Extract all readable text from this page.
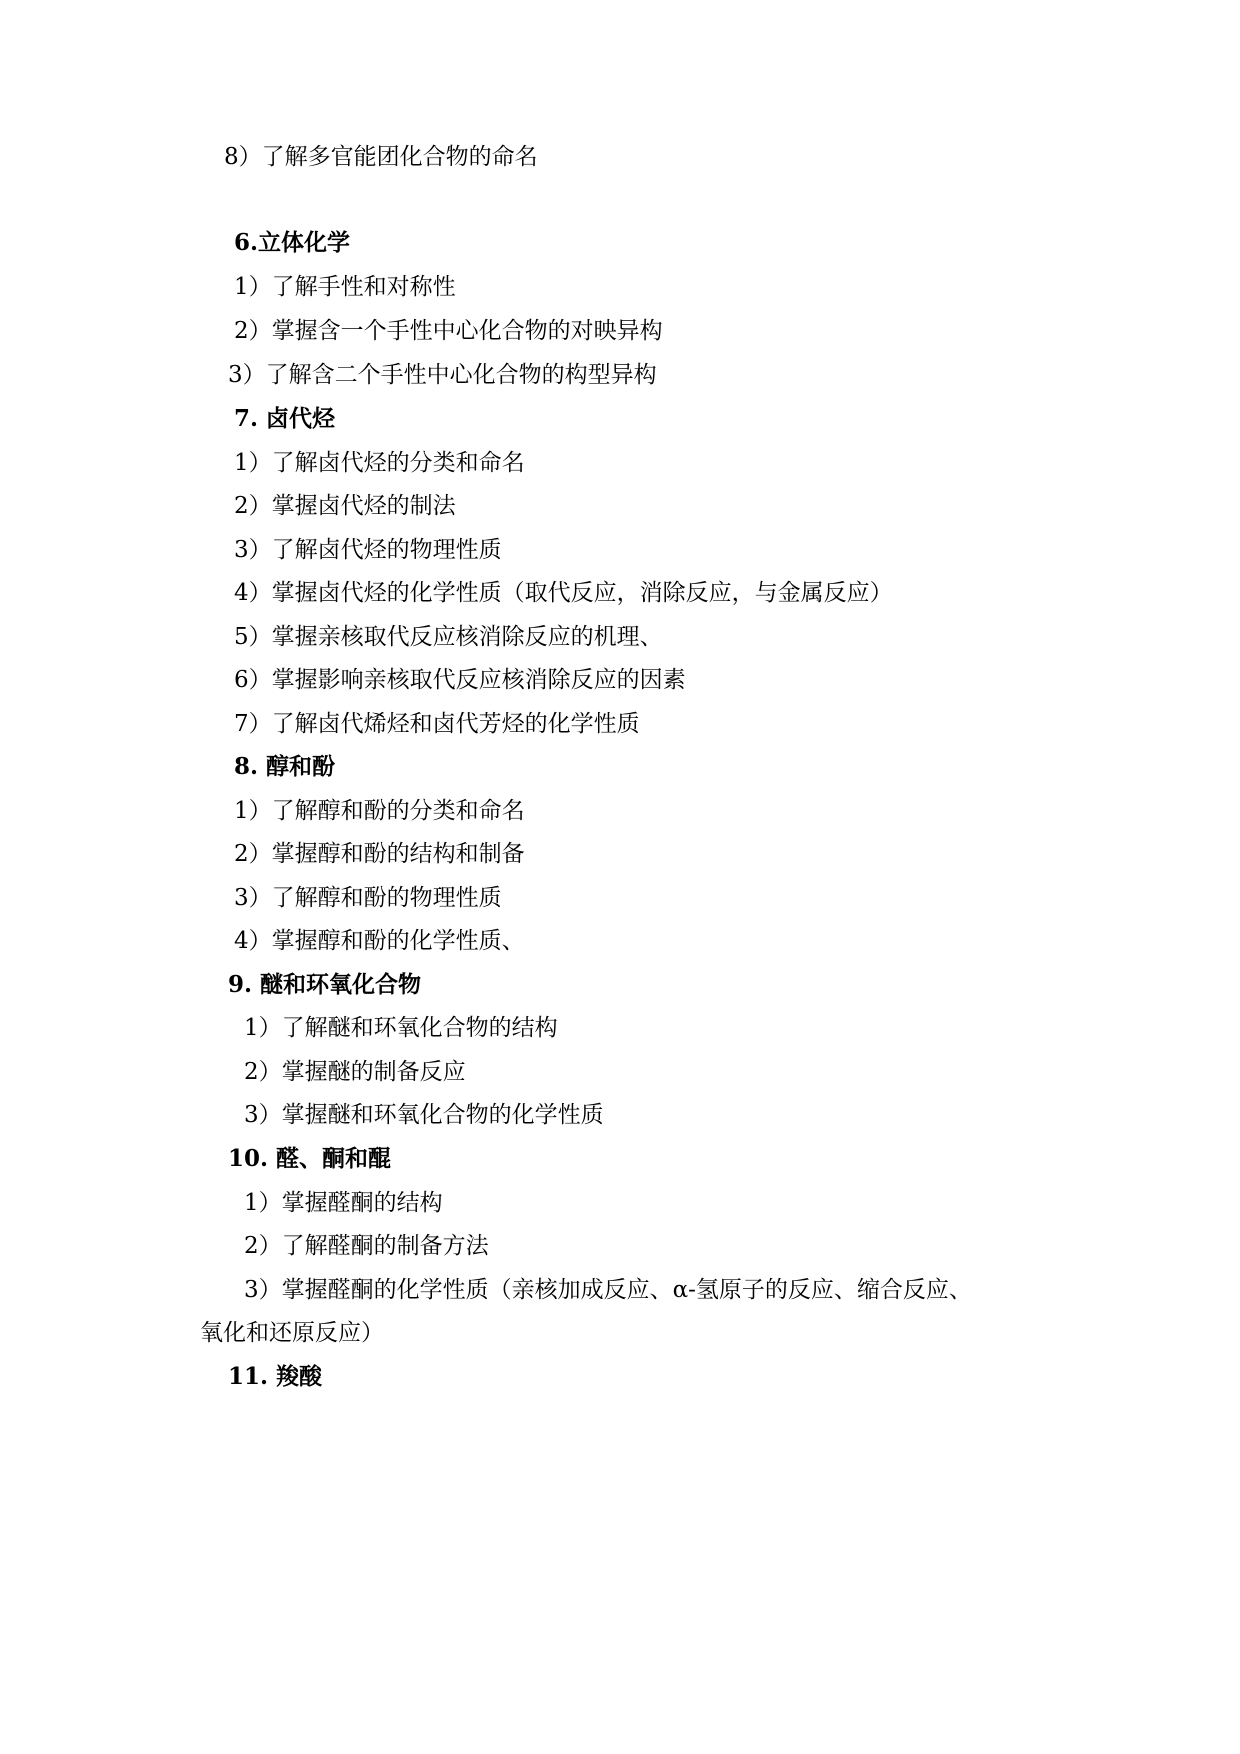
8）了解多官能团化合物的命名

6.立体化学

1）了解手性和对称性

2）掌握含一个手性中心化合物的对映异构

3）了解含二个手性中心化合物的构型异构

7. 卤代烃

1）了解卤代烃的分类和命名

2）掌握卤代烃的制法

3）了解卤代烃的物理性质

4）掌握卤代烃的化学性质（取代反应，消除反应，与金属反应）

5）掌握亲核取代反应核消除反应的机理、

6）掌握影响亲核取代反应核消除反应的因素

7）了解卤代烯烃和卤代芳烃的化学性质

8. 醇和酚

1）了解醇和酚的分类和命名

2）掌握醇和酚的结构和制备

3）了解醇和酚的物理性质

4）掌握醇和酚的化学性质、

9. 醚和环氧化合物

1）了解醚和环氧化合物的结构

2）掌握醚的制备反应

3）掌握醚和环氧化合物的化学性质

10. 醛、酮和醌

1）掌握醛酮的结构

2）了解醛酮的制备方法

3）掌握醛酮的化学性质（亲核加成反应、α-氢原子的反应、缩合反应、

氧化和还原反应）

11. 羧酸
